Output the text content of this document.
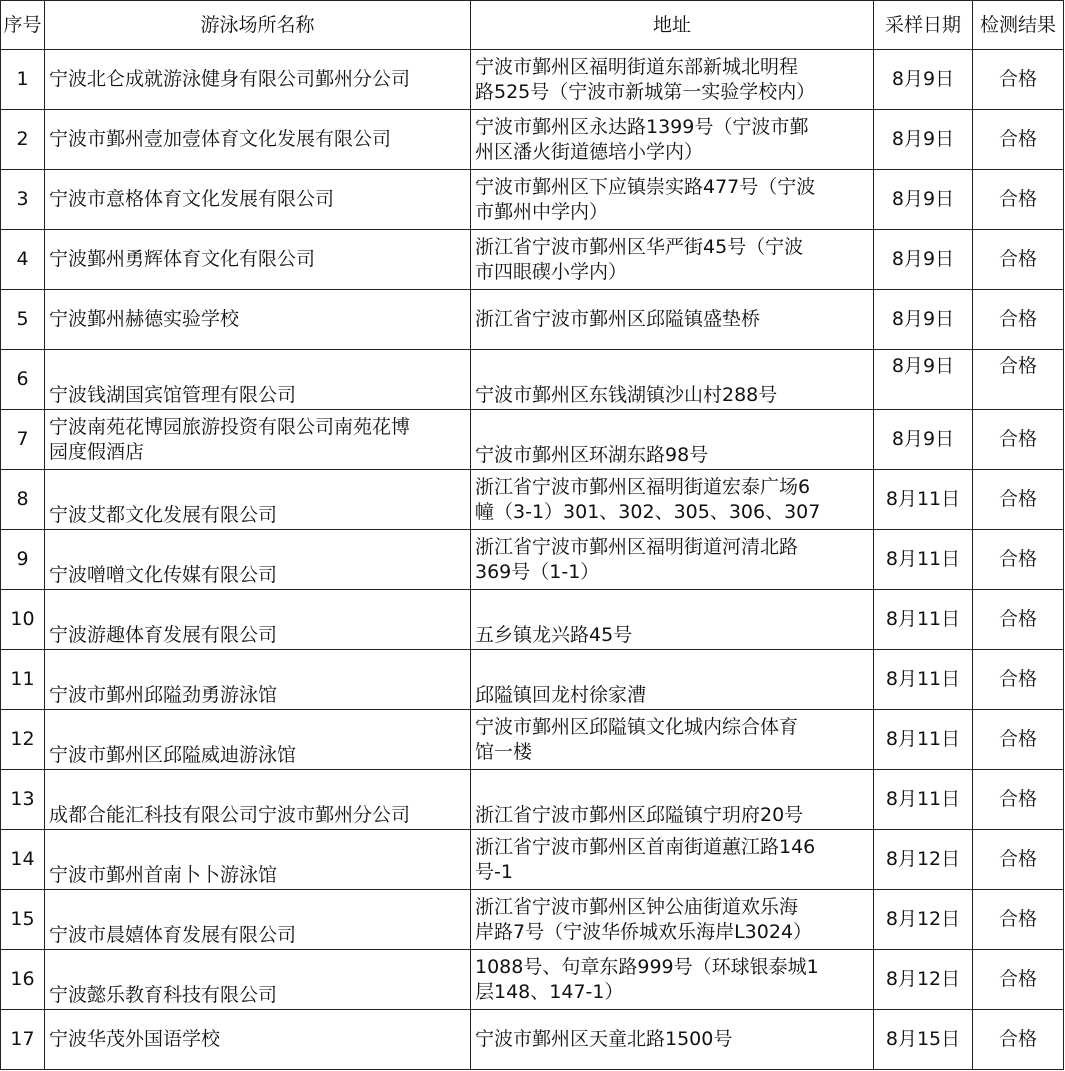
序号	游泳场所名称	地址	采样日期	检测结果
1	宁波北仑成就游泳健身有限公司鄞州分公司	宁波市鄞州区福明街道东部新城北明程
路525号（宁波市新城第一实验学校内）	8月9日	合格
2	宁波市鄞州壹加壹体育文化发展有限公司	宁波市鄞州区永达路1399号（宁波市鄞
州区潘火街道德培小学内）	8月9日	合格
3	宁波市意格体育文化发展有限公司	宁波市鄞州区下应镇崇实路477号（宁波
市鄞州中学内）	8月9日	合格
4	宁波鄞州勇辉体育文化有限公司	浙江省宁波市鄞州区华严街45号（宁波
市四眼碶小学内）	8月9日	合格
5	宁波鄞州赫德实验学校	浙江省宁波市鄞州区邱隘镇盛垫桥	8月9日	合格
6	宁波钱湖国宾馆管理有限公司	宁波市鄞州区东钱湖镇沙山村288号	8月9日	合格
7	宁波南苑花博园旅游投资有限公司南苑花博
园度假酒店	宁波市鄞州区环湖东路98号	8月9日	合格
8	宁波艾都文化发展有限公司	浙江省宁波市鄞州区福明街道宏泰广场6
幢（3-1）301、302、305、306、307	8月11日	合格
9	宁波噌噌文化传媒有限公司	浙江省宁波市鄞州区福明街道河清北路
369号（1-1）	8月11日	合格
10	宁波游趣体育发展有限公司	五乡镇龙兴路45号	8月11日	合格
11	宁波市鄞州邱隘劲勇游泳馆	邱隘镇回龙村徐家漕	8月11日	合格
12	宁波市鄞州区邱隘威迪游泳馆	宁波市鄞州区邱隘镇文化城内综合体育
馆一楼	8月11日	合格
13	成都合能汇科技有限公司宁波市鄞州分公司	浙江省宁波市鄞州区邱隘镇宁玥府20号	8月11日	合格
14	宁波市鄞州首南卜卜游泳馆	浙江省宁波市鄞州区首南街道蕙江路146
号-1	8月12日	合格
15	宁波市晨嬉体育发展有限公司	浙江省宁波市鄞州区钟公庙街道欢乐海
岸路7号（宁波华侨城欢乐海岸L3024）	8月12日	合格
16	宁波懿乐教育科技有限公司	1088号、句章东路999号（环球银泰城1
层148、147-1）	8月12日	合格
17	宁波华茂外国语学校	宁波市鄞州区天童北路1500号	8月15日	合格
